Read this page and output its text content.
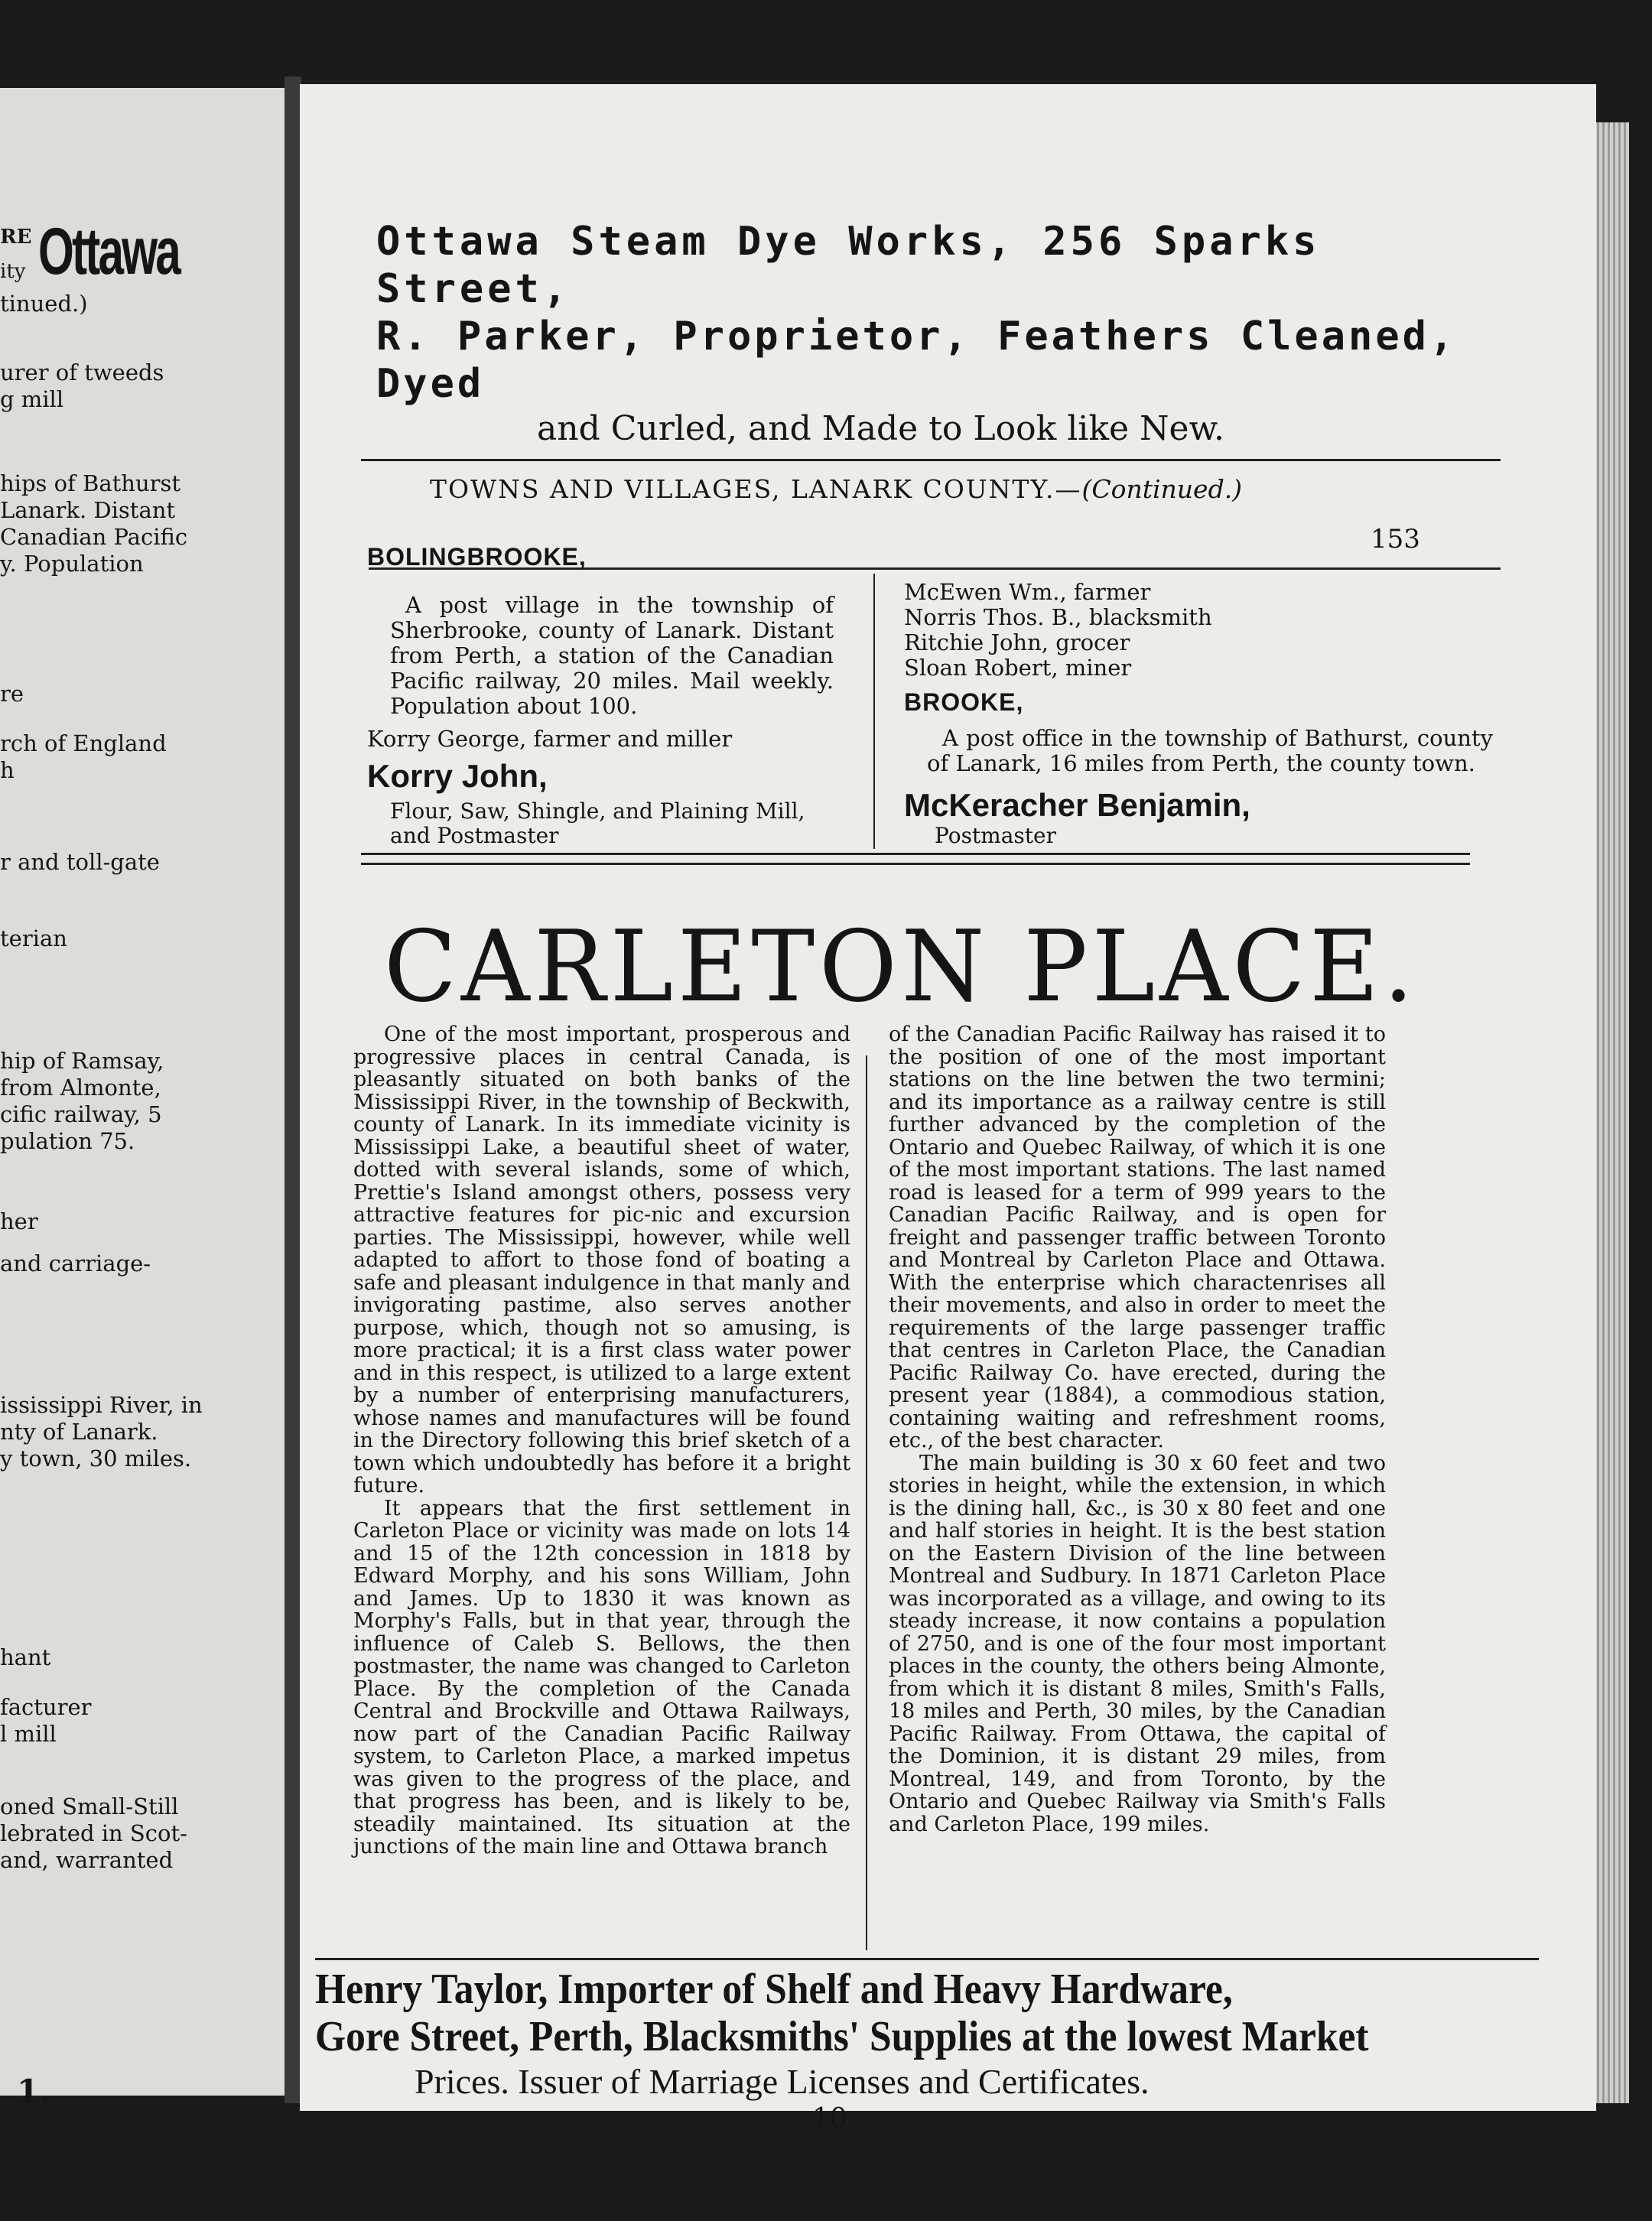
RE
ity Ottawa
tinued.)
urer of tweeds
g mill
hips of Bathurst
Lanark. Distant
Canadian Pacific
y. Population
re
rch of England
h
r and toll-gate
terian
hip of Ramsay,
from Almonte,
cific railway, 5
pulation 75.
her
and carriage-
ississippi River, in
nty of Lanark.
y town, 30 miles.
hant
facturer
l mill
oned Small-Still
lebrated in Scot-
and, warranted
1.
Ottawa Steam Dye Works, 256 Sparks Street,
R. Parker, Proprietor, Feathers Cleaned, Dyed
and Curled, and Made to Look like New.
TOWNS AND VILLAGES, LANARK COUNTY.—(Continued.)
153
BOLINGBROOKE,
A post village in the township of Sherbrooke, county of Lanark. Distant from Perth, a station of the Canadian Pacific railway, 20 miles. Mail weekly. Population about 100.
Korry George, farmer and miller
Korry John,
Flour, Saw, Shingle, and Plaining Mill, and Postmaster
McEwen Wm., farmer
Norris Thos. B., blacksmith
Ritchie John, grocer
Sloan Robert, miner
BROOKE,
A post office in the township of Bathurst, county of Lanark, 16 miles from Perth, the county town.
McKeracher Benjamin,
Postmaster
CARLETON PLACE.

One of the most important, prosperous and progressive places in central Canada, is pleasantly situated on both banks of the Mississippi River, in the township of Beckwith, county of Lanark. In its immediate vicinity is Mississippi Lake, a beautiful sheet of water, dotted with several islands, some of which, Prettie's Island amongst others, possess very attractive features for pic-nic and excursion parties. The Mississippi, however, while well adapted to affort to those fond of boating a safe and pleasant indulgence in that manly and invigorating pastime, also serves another purpose, which, though not so amusing, is more practical; it is a first class water power and in this respect, is utilized to a large extent by a number of enterprising manufacturers, whose names and manufactures will be found in the Directory following this brief sketch of a town which undoubtedly has before it a bright future.

It appears that the first settlement in Carleton Place or vicinity was made on lots 14 and 15 of the 12th concession in 1818 by Edward Morphy, and his sons William, John and James. Up to 1830 it was known as Morphy's Falls, but in that year, through the influence of Caleb S. Bellows, the then postmaster, the name was changed to Carleton Place. By the completion of the Canada Central and Brockville and Ottawa Railways, now part of the Canadian Pacific Railway system, to Carleton Place, a marked impetus was given to the progress of the place, and that progress has been, and is likely to be, steadily maintained. Its situation at the junctions of the main line and Ottawa branch

of the Canadian Pacific Railway has raised it to the position of one of the most important stations on the line betwen the two termini; and its importance as a railway centre is still further advanced by the completion of the Ontario and Quebec Railway, of which it is one of the most important stations. The last named road is leased for a term of 999 years to the Canadian Pacific Railway, and is open for freight and passenger traffic between Toronto and Montreal by Carleton Place and Ottawa. With the enterprise which charactenrises all their movements, and also in order to meet the requirements of the large passenger traffic that centres in Carleton Place, the Canadian Pacific Railway Co. have erected, during the present year (1884), a commodious station, containing waiting and refreshment rooms, etc., of the best character.

The main building is 30 x 60 feet and two stories in height, while the extension, in which is the dining hall, &c., is 30 x 80 feet and one and half stories in height. It is the best station on the Eastern Division of the line between Montreal and Sudbury. In 1871 Carleton Place was incorporated as a village, and owing to its steady increase, it now contains a population of 2750, and is one of the four most important places in the county, the others being Almonte, from which it is distant 8 miles, Smith's Falls, 18 miles and Perth, 30 miles, by the Canadian Pacific Railway. From Ottawa, the capital of the Dominion, it is distant 29 miles, from Montreal, 149, and from Toronto, by the Ontario and Quebec Railway via Smith's Falls and Carleton Place, 199 miles.

Henry Taylor, Importer of Shelf and Heavy Hardware,
Gore Street, Perth, Blacksmiths' Supplies at the lowest Market
Prices. Issuer of Marriage Licenses and Certificates.
10
